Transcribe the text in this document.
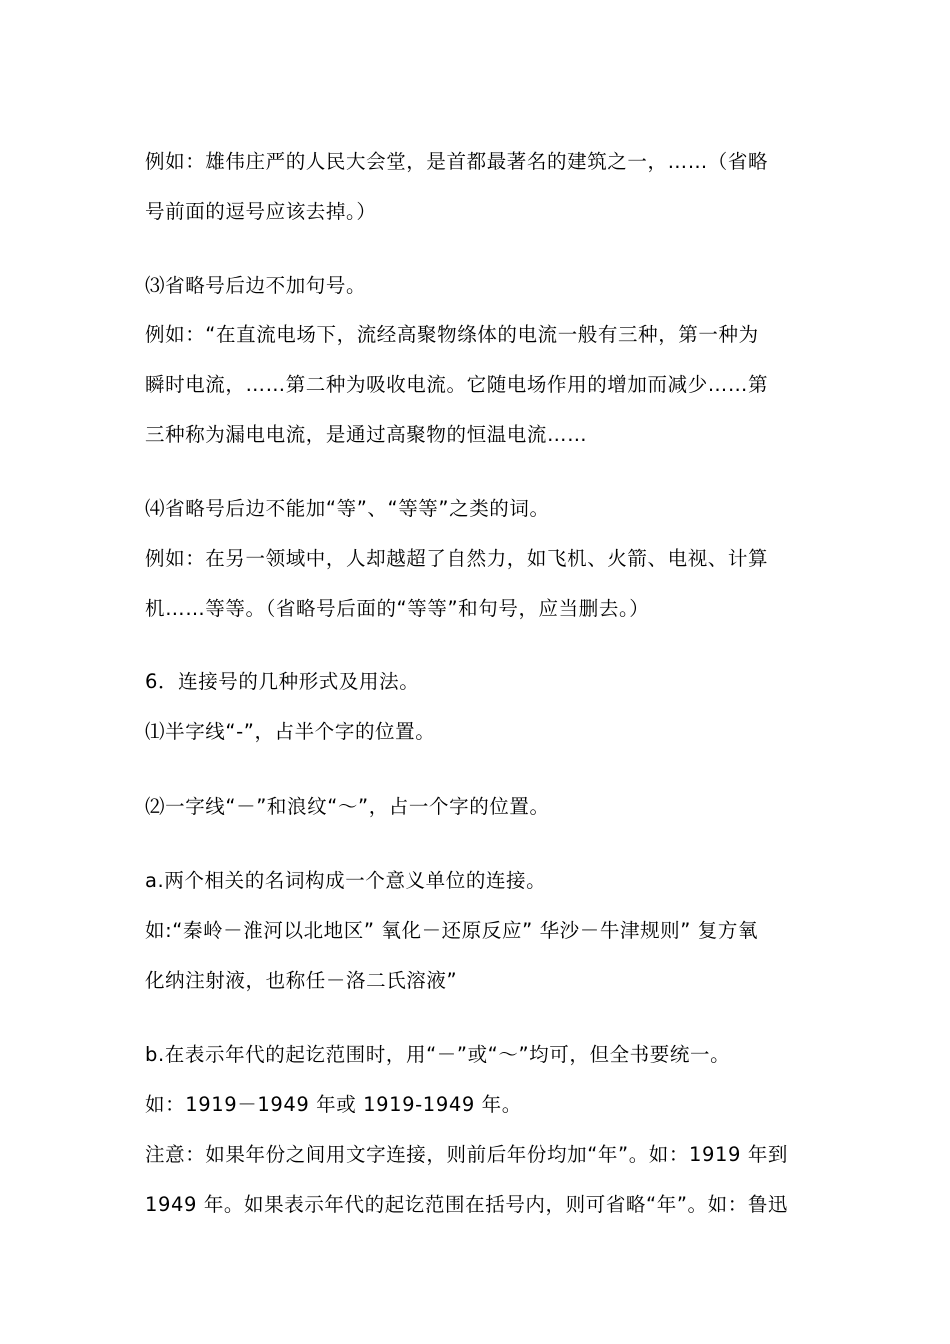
例如：雄伟庄严的人民大会堂，是首都最著名的建筑之一，……（省略
号前面的逗号应该去掉。）
⑶省略号后边不加句号。
例如：“在直流电场下，流经高聚物绦体的电流一般有三种，第一种为
瞬时电流，……第二种为吸收电流。它随电场作用的增加而减少……第
三种称为漏电电流，是通过高聚物的恒温电流……
⑷省略号后边不能加“等”、“等等”之类的词。
例如：在另一领域中，人却越超了自然力，如飞机、火箭、电视、计算
机……等等。（省略号后面的“等等”和句号，应当删去。）
6．连接号的几种形式及用法。
⑴半字线“-”，占半个字的位置。
⑵一字线“－”和浪纹“～”，占一个字的位置。
a.两个相关的名词构成一个意义单位的连接。
如:“秦岭－淮河以北地区” 氧化－还原反应” 华沙－牛津规则” 复方氧
化纳注射液，也称任－洛二氏溶液”
b.在表示年代的起讫范围时，用“－”或“～”均可，但全书要统一。
如：1919－1949 年或 1919-1949 年。
注意：如果年份之间用文字连接，则前后年份均加“年”。如：1919 年到
1949 年。如果表示年代的起讫范围在括号内，则可省略“年”。如：鲁迅
